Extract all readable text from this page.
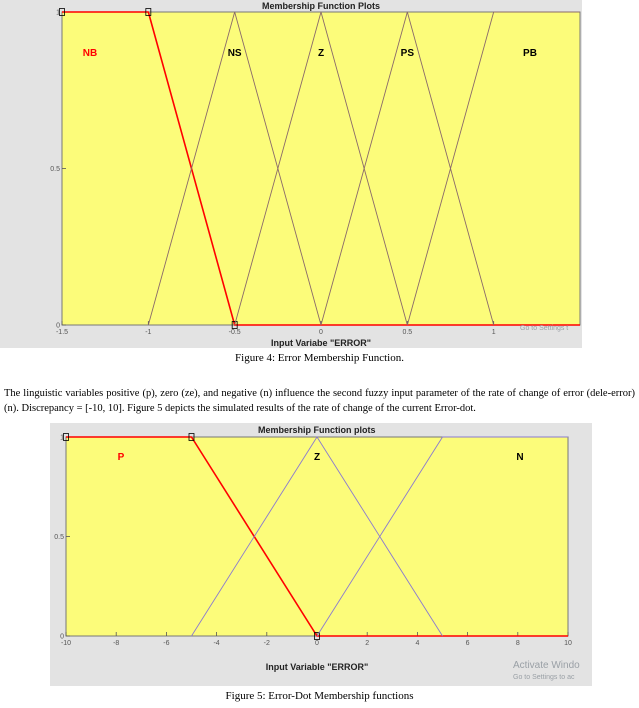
Membership Function Plots
-1.5	-1	-0.5	0	0.5	1
0
0.5
1
NB	NS	Z	PS	PB
Input Variabe "ERROR"
Go to Settings t
Figure 4: Error Membership Function.
The linguistic variables positive (p), zero (ze), and negative (n) influence the second fuzzy input parameter of the rate of change of error (dele-error) (n). Discrepancy = [-10, 10]. Figure 5 depicts the simulated results of the rate of change of the current Error-dot.
Membership Function plots
-10	-8	-6	-4	-2	0	2	4	6	8	10
0
0.5
1
P	Z	N
Input Variable "ERROR"	Activate Windo
Go to Settings to ac
Figure 5: Error-Dot Membership functions
